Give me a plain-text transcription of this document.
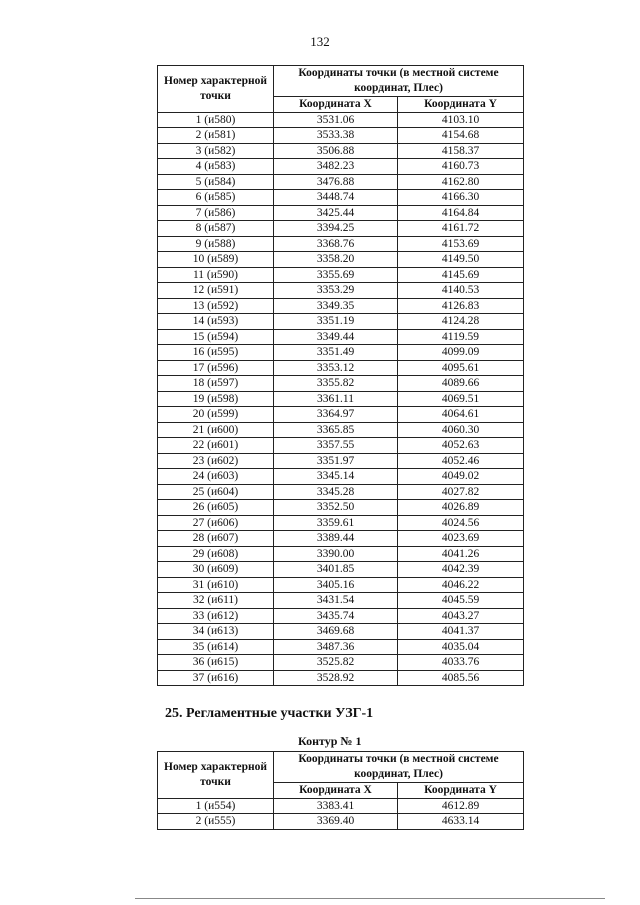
132
Номер характерной точки	Координаты точки (в местной системе координат, Плес)	
	Координата X	Координата Y
1 (и580)	3531.06	4103.10
2 (и581)	3533.38	4154.68
3 (и582)	3506.88	4158.37
4 (и583)	3482.23	4160.73
5 (и584)	3476.88	4162.80
6 (и585)	3448.74	4166.30
7 (и586)	3425.44	4164.84
8 (и587)	3394.25	4161.72
9 (и588)	3368.76	4153.69
10 (и589)	3358.20	4149.50
11 (и590)	3355.69	4145.69
12 (и591)	3353.29	4140.53
13 (и592)	3349.35	4126.83
14 (и593)	3351.19	4124.28
15 (и594)	3349.44	4119.59
16 (и595)	3351.49	4099.09
17 (и596)	3353.12	4095.61
18 (и597)	3355.82	4089.66
19 (и598)	3361.11	4069.51
20 (и599)	3364.97	4064.61
21 (и600)	3365.85	4060.30
22 (и601)	3357.55	4052.63
23 (и602)	3351.97	4052.46
24 (и603)	3345.14	4049.02
25 (и604)	3345.28	4027.82
26 (и605)	3352.50	4026.89
27 (и606)	3359.61	4024.56
28 (и607)	3389.44	4023.69
29 (и608)	3390.00	4041.26
30 (и609)	3401.85	4042.39
31 (и610)	3405.16	4046.22
32 (и611)	3431.54	4045.59
33 (и612)	3435.74	4043.27
34 (и613)	3469.68	4041.37
35 (и614)	3487.36	4035.04
36 (и615)	3525.82	4033.76
37 (и616)	3528.92	4085.56
25. Регламентные участки УЗГ-1
Контур № 1
Номер характерной точки	Координаты точки (в местной системе координат, Плес)	
	Координата X	Координата Y
1 (и554)	3383.41	4612.89
2 (и555)	3369.40	4633.14
